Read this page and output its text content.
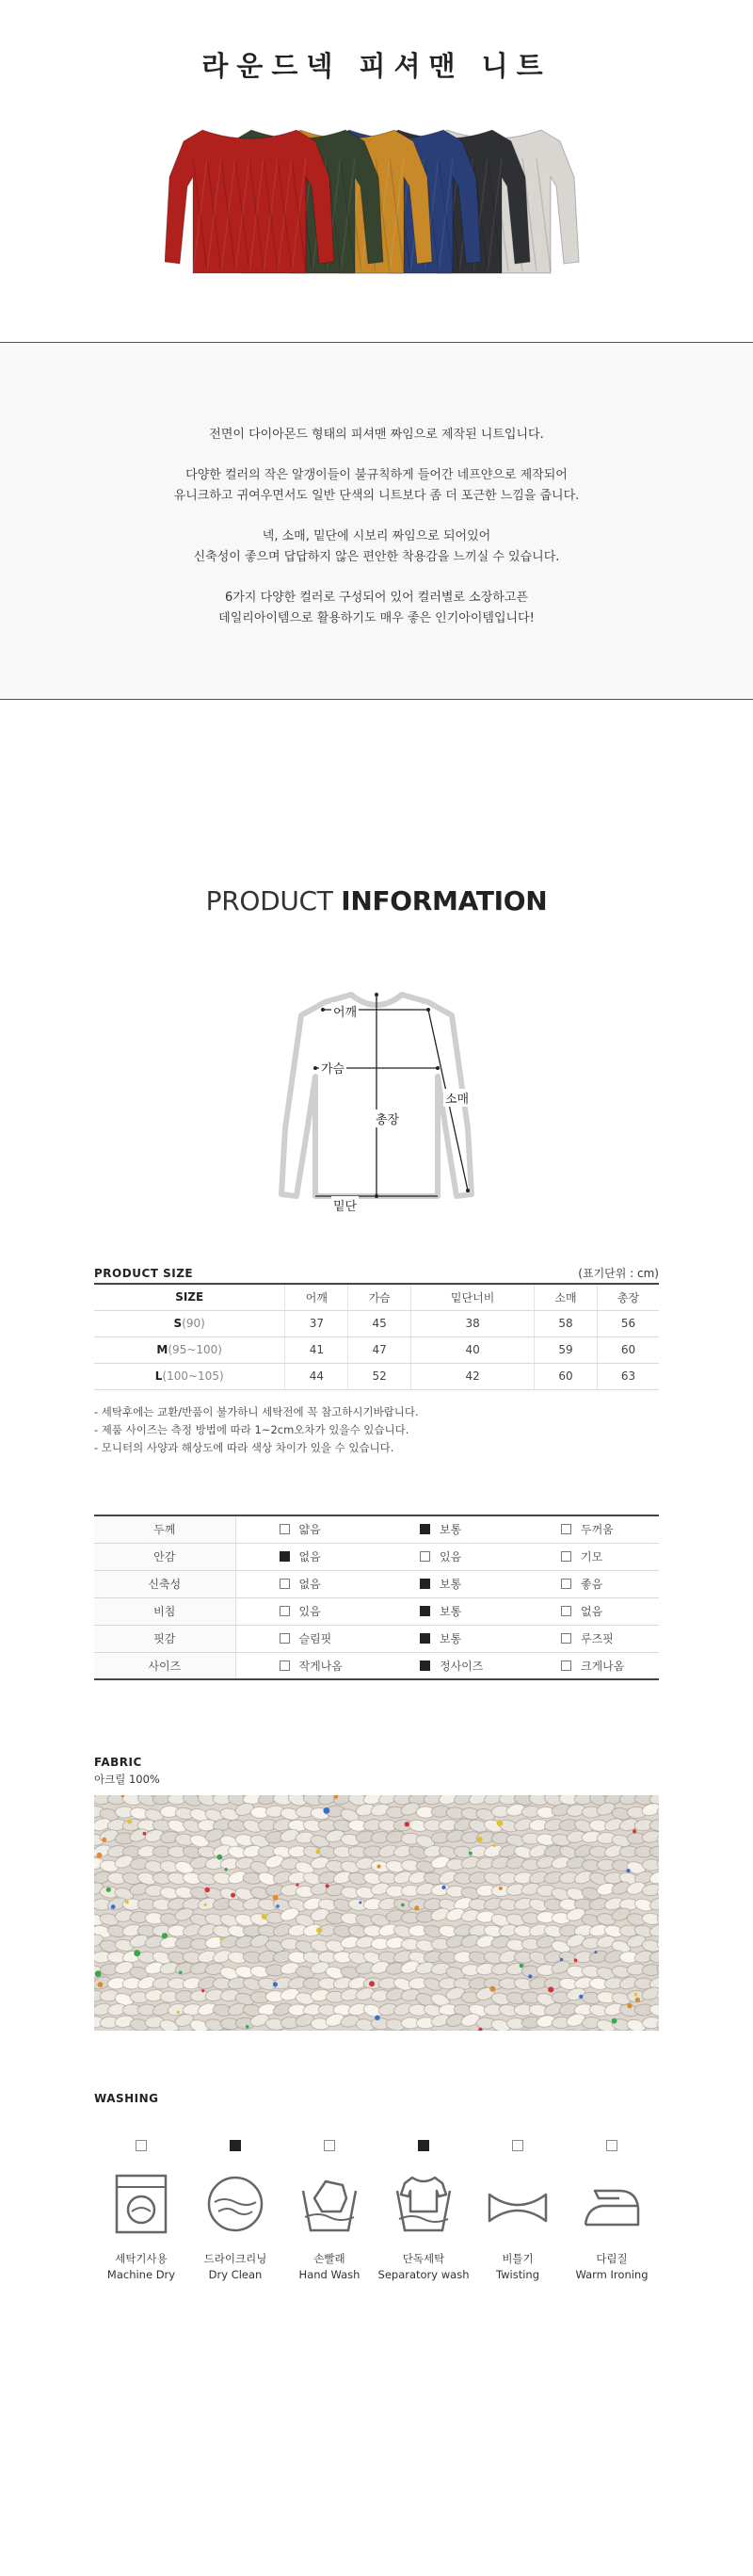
라운드넥 피셔맨 니트
전면이 다이아몬드 형태의 피셔맨 짜임으로 제작된 니트입니다.
다양한 컬러의 작은 알갱이들이 불규칙하게 들어간 네프얀으로 제작되어
유니크하고 귀여우면서도 일반 단색의 니트보다 좀 더 포근한 느낌을 줍니다.
넥, 소매, 밑단에 시보리 짜임으로 되어있어
신축성이 좋으며 답답하지 않은 편안한 착용감을 느끼실 수 있습니다.
6가지 다양한 컬러로 구성되어 있어 컬러별로 소장하고픈
데일리아이템으로 활용하기도 매우 좋은 인기아이템입니다!
PRODUCT INFORMATION
어깨
가슴
총장
소매
밑단
PRODUCT SIZE	(표기단위 : cm)
SIZE	어깨	가슴	밑단너비	소매	총장
S(90)	37	45	38	58	56
M(95~100)	41	47	40	59	60
L(100~105)	44	52	42	60	63
- 세탁후에는 교환/반품이 불가하니 세탁전에 꼭 참고하시기바랍니다.
- 제품 사이즈는 측정 방법에 따라 1~2cm오차가 있을수 있습니다.
- 모니터의 사양과 해상도에 따라 색상 차이가 있을 수 있습니다.
두께	얇음	보통	두꺼움
안감	없음	있음	기모
신축성	없음	보통	좋음
비침	있음	보통	없음
핏감	슬림핏	보통	루즈핏
사이즈	작게나옴	정사이즈	크게나옴
FABRIC
아크릴 100%
WASHING
세탁기사용
Machine Dry
드라이크리닝
Dry Clean
손빨래
Hand Wash
단독세탁
Separatory wash
비틀기
Twisting
다림질
Warm Ironing
